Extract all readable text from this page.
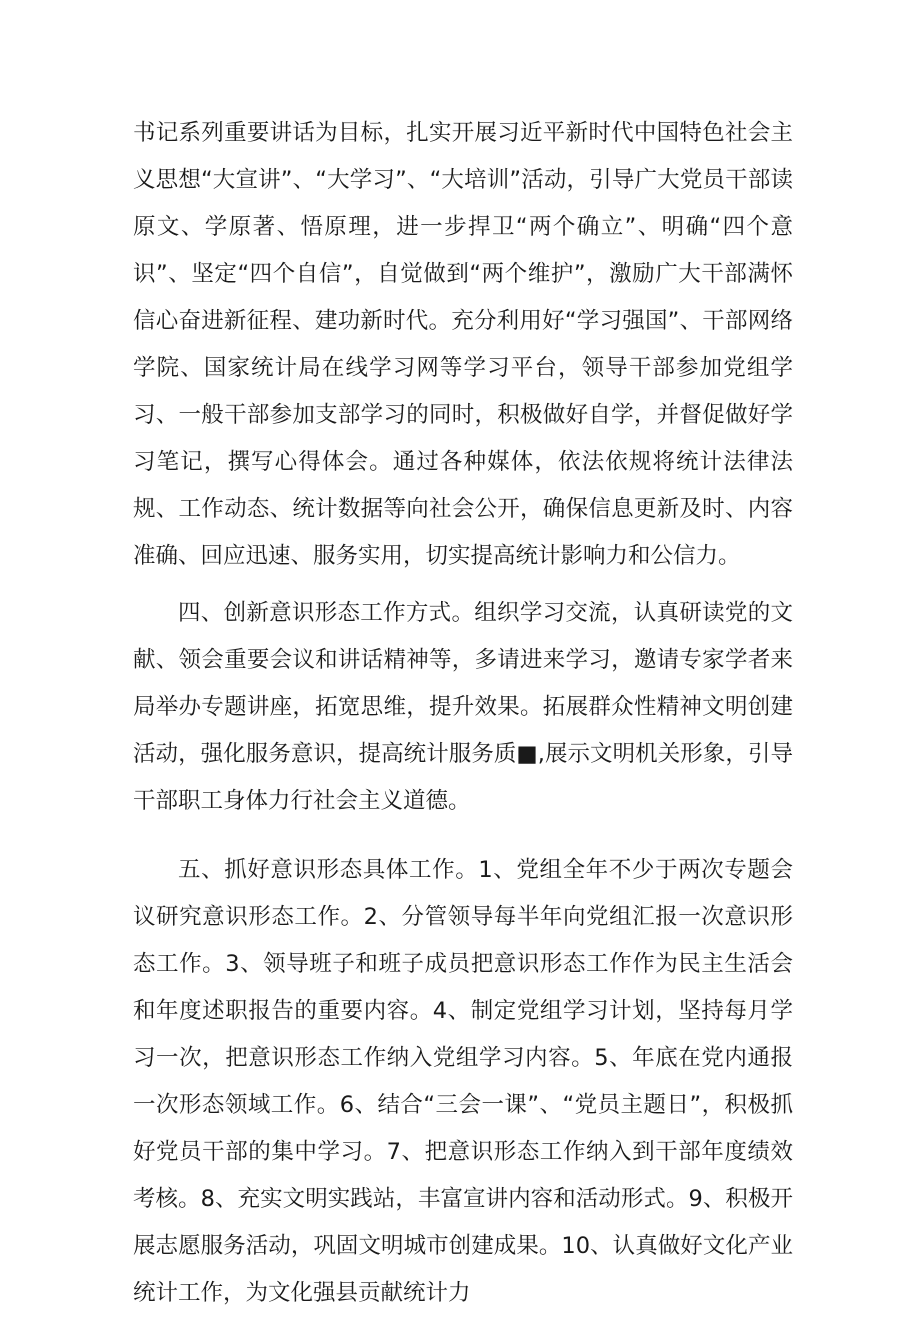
书记系列重要讲话为目标，扎实开展习近平新时代中国特色社会主义思想“大宣讲”、“大学习”、“大培训”活动，引导广大党员干部读原文、学原著、悟原理，进一步捍卫“两个确立”、明确“四个意识”、坚定“四个自信”，自觉做到“两个维护”，激励广大干部满怀信心奋进新征程、建功新时代。充分利用好“学习强国”、干部网络学院、国家统计局在线学习网等学习平台，领导干部参加党组学习、一般干部参加支部学习的同时，积极做好自学，并督促做好学习笔记，撰写心得体会。通过各种媒体，依法依规将统计法律法规、工作动态、统计数据等向社会公开，确保信息更新及时、内容准确、回应迅速、服务实用，切实提高统计影响力和公信力。

四、创新意识形态工作方式。组织学习交流，认真研读党的文献、领会重要会议和讲话精神等，多请进来学习，邀请专家学者来局举办专题讲座，拓宽思维，提升效果。拓展群众性精神文明创建活动，强化服务意识，提高统计服务质■,展示文明机关形象，引导干部职工身体力行社会主义道德。

五、抓好意识形态具体工作。1、党组全年不少于两次专题会议研究意识形态工作。2、分管领导每半年向党组汇报一次意识形态工作。3、领导班子和班子成员把意识形态工作作为民主生活会和年度述职报告的重要内容。4、制定党组学习计划，坚持每月学习一次，把意识形态工作纳入党组学习内容。5、年底在党内通报一次形态领域工作。6、结合“三会一课”、“党员主题日”，积极抓好党员干部的集中学习。7、把意识形态工作纳入到干部年度绩效考核。8、充实文明实践站，丰富宣讲内容和活动形式。9、积极开展志愿服务活动，巩固文明城市创建成果。10、认真做好文化产业统计工作，为文化强县贡献统计力
